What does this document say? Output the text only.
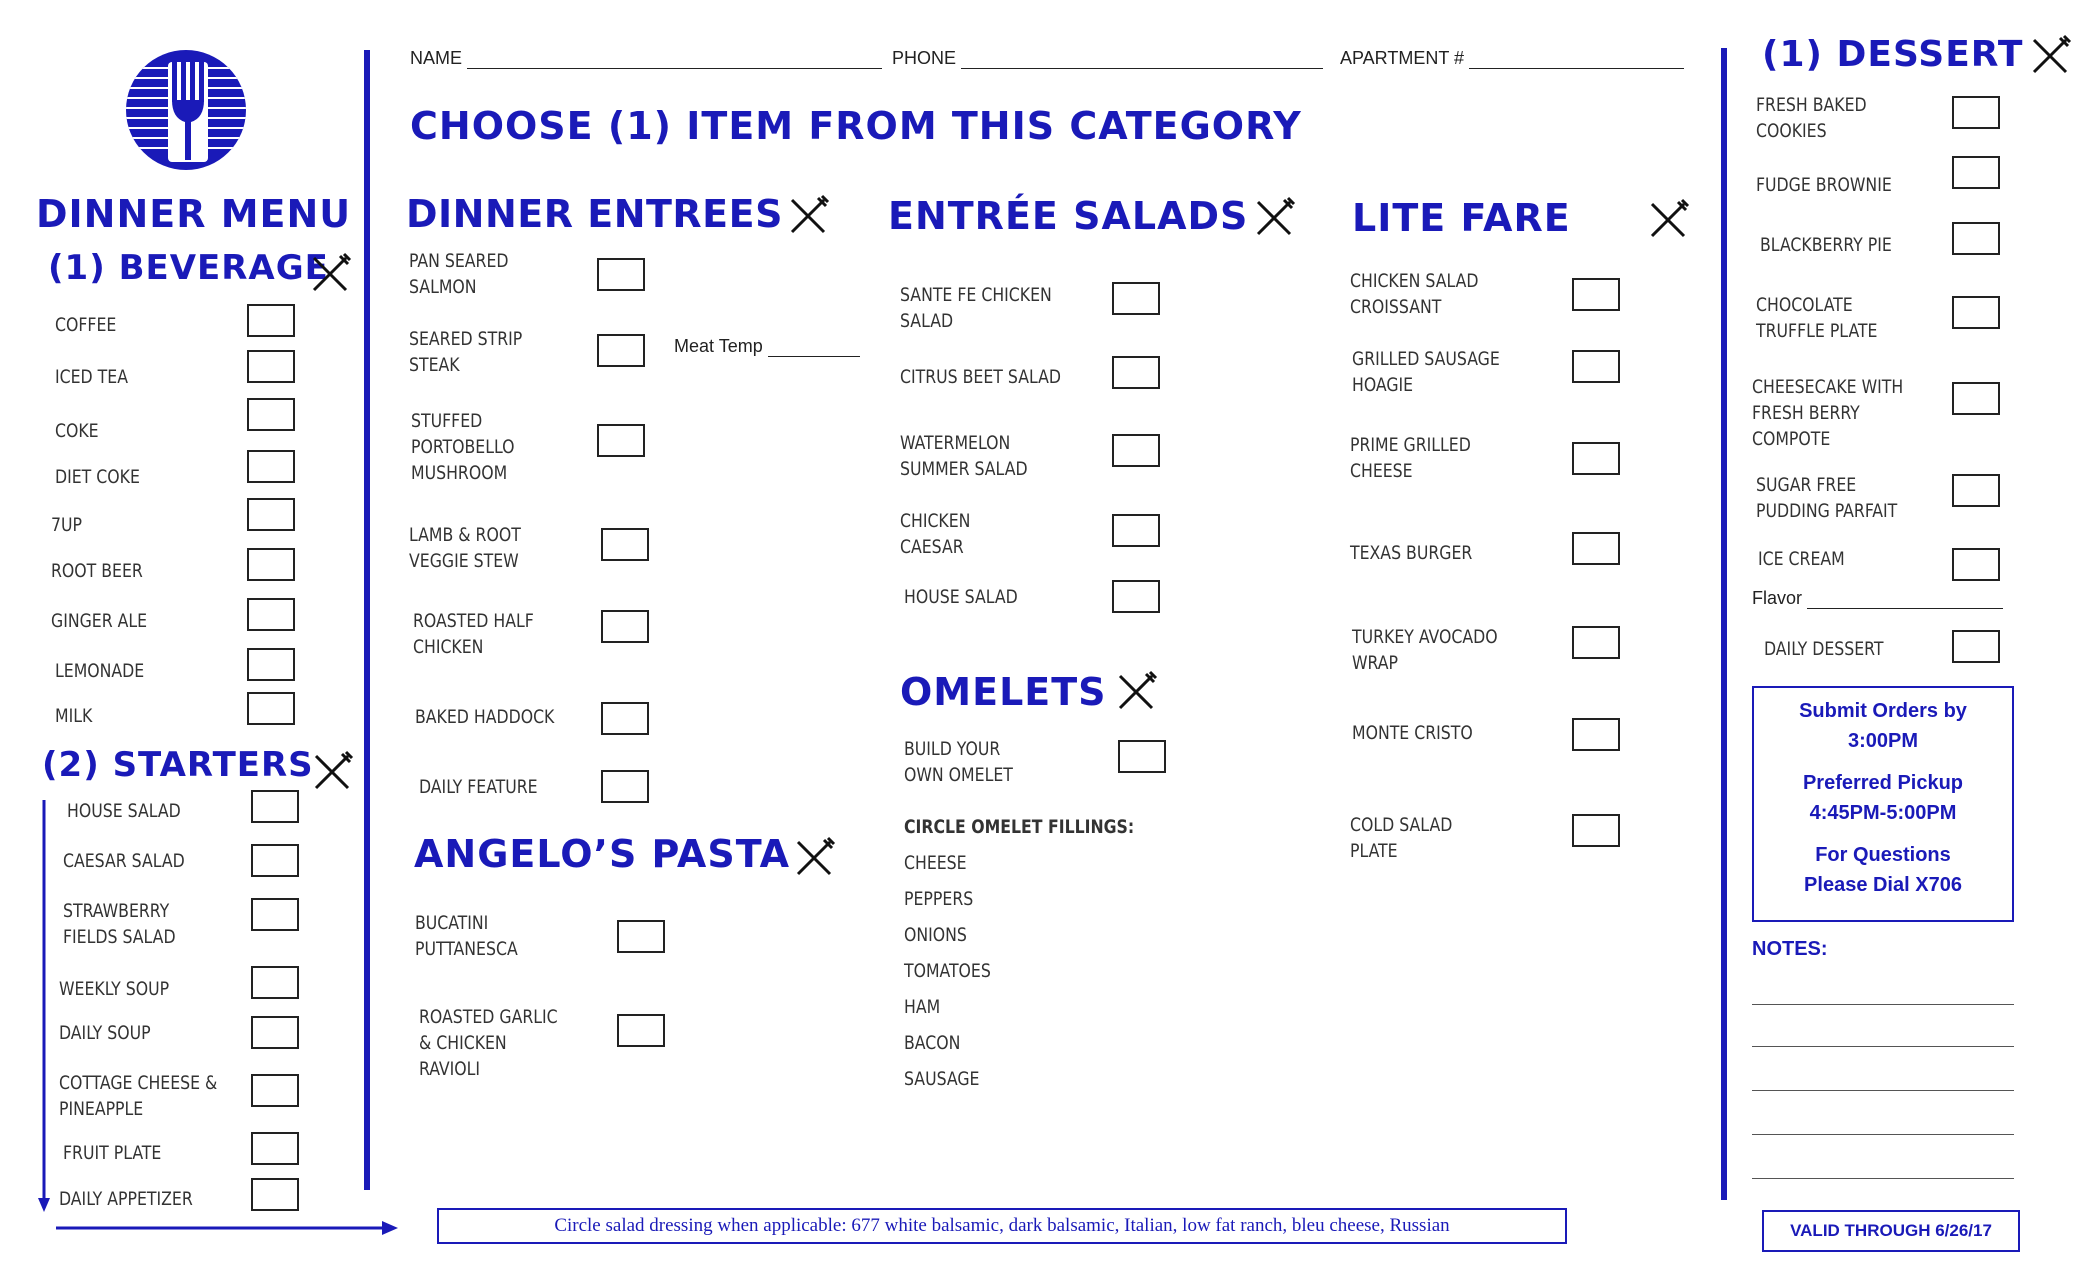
DINNER MENU
(1) BEVERAGE
COFFEE
ICED TEA
COKE
DIET COKE
7UP
ROOT BEER
GINGER ALE
LEMONADE
MILK
(2) STARTERS
HOUSE SALAD
CAESAR SALAD
STRAWBERRY
FIELDS SALAD
WEEKLY SOUP
DAILY SOUP
COTTAGE CHEESE &
PINEAPPLE
FRUIT PLATE
DAILY APPETIZER
NAME	PHONE	APARTMENT #
CHOOSE (1) ITEM FROM THIS CATEGORY
DINNER ENTREES
PAN SEARED
SALMON
SEARED STRIP
STEAK
STUFFED
PORTOBELLO
MUSHROOM
LAMB & ROOT
VEGGIE STEW
ROASTED HALF
CHICKEN
BAKED HADDOCK
DAILY FEATURE
Meat Temp
ANGELO’S PASTA
BUCATINI
PUTTANESCA
ROASTED GARLIC
& CHICKEN
RAVIOLI
ENTRÉE SALADS
SANTE FE CHICKEN
SALAD
CITRUS BEET SALAD
WATERMELON
SUMMER SALAD
CHICKEN
CAESAR
HOUSE SALAD
OMELETS
BUILD YOUR
OWN OMELET
CIRCLE OMELET FILLINGS:
CHEESE
PEPPERS
ONIONS
TOMATOES
HAM
BACON
SAUSAGE
LITE FARE
CHICKEN SALAD
CROISSANT
GRILLED SAUSAGE
HOAGIE
PRIME GRILLED
CHEESE
TEXAS BURGER
TURKEY AVOCADO
WRAP
MONTE CRISTO
COLD SALAD
PLATE
(1) DESSERT
FRESH BAKED
COOKIES
FUDGE BROWNIE
BLACKBERRY PIE
CHOCOLATE
TRUFFLE PLATE
CHEESECAKE WITH
FRESH BERRY
COMPOTE
SUGAR FREE
PUDDING PARFAIT
ICE CREAM
DAILY DESSERT
Flavor
Submit Orders by
3:00PM
Preferred Pickup
4:45PM-5:00PM
For Questions
Please Dial X706
NOTES:
Circle salad dressing when applicable: 677 white balsamic, dark balsamic, Italian, low fat ranch, bleu cheese, Russian	VALID THROUGH 6/26/17
